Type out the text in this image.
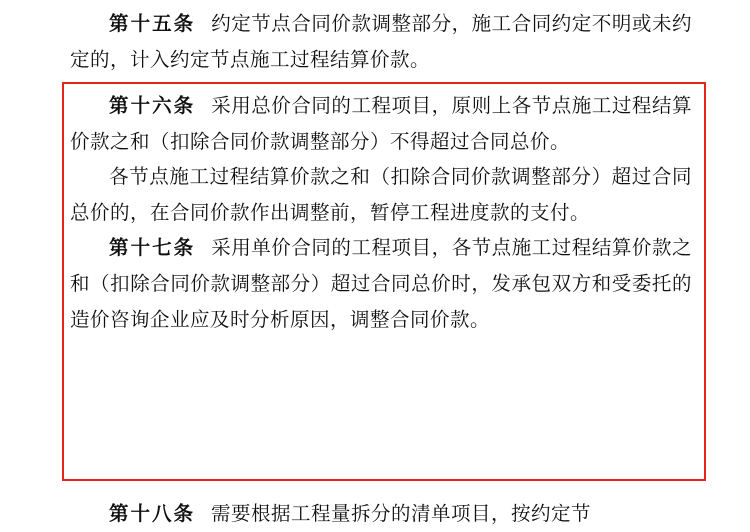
第十五条 约定节点合同价款调整部分，施工合同约定不明或未约定的，计入约定节点施工过程结算价款。

第十六条 采用总价合同的工程项目，原则上各节点施工过程结算价款之和（扣除合同价款调整部分）不得超过合同总价。

各节点施工过程结算价款之和（扣除合同价款调整部分）超过合同总价的，在合同价款作出调整前，暂停工程进度款的支付。

第十七条 采用单价合同的工程项目，各节点施工过程结算价款之和（扣除合同价款调整部分）超过合同总价时，发承包双方和受委托的造价咨询企业应及时分析原因，调整合同价款。

第十八条 需要根据工程量拆分的清单项目，按约定节
